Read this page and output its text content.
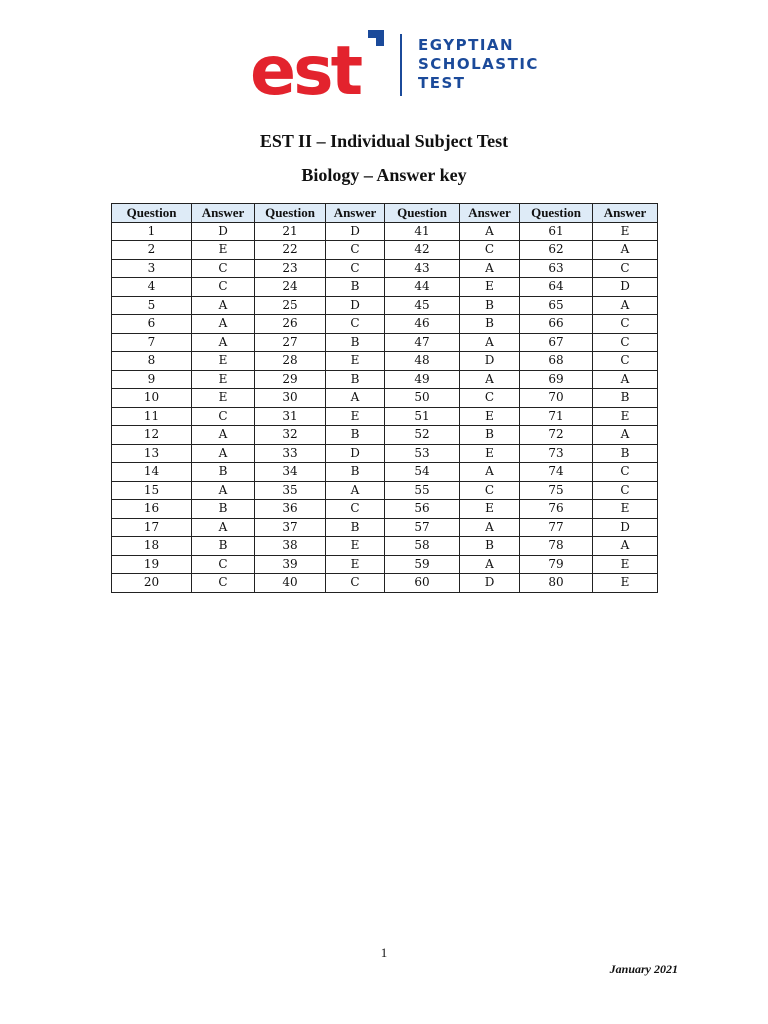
est	EGYPTIAN
SCHOLASTIC
TEST
EST II – Individual Subject Test
Biology – Answer key
Question	Answer	Question	Answer	Question	Answer	Question	Answer
1	D	21	D	41	A	61	E
2	E	22	C	42	C	62	A
3	C	23	C	43	A	63	C
4	C	24	B	44	E	64	D
5	A	25	D	45	B	65	A
6	A	26	C	46	B	66	C
7	A	27	B	47	A	67	C
8	E	28	E	48	D	68	C
9	E	29	B	49	A	69	A
10	E	30	A	50	C	70	B
11	C	31	E	51	E	71	E
12	A	32	B	52	B	72	A
13	A	33	D	53	E	73	B
14	B	34	B	54	A	74	C
15	A	35	A	55	C	75	C
16	B	36	C	56	E	76	E
17	A	37	B	57	A	77	D
18	B	38	E	58	B	78	A
19	C	39	E	59	A	79	E
20	C	40	C	60	D	80	E
1
January 2021
